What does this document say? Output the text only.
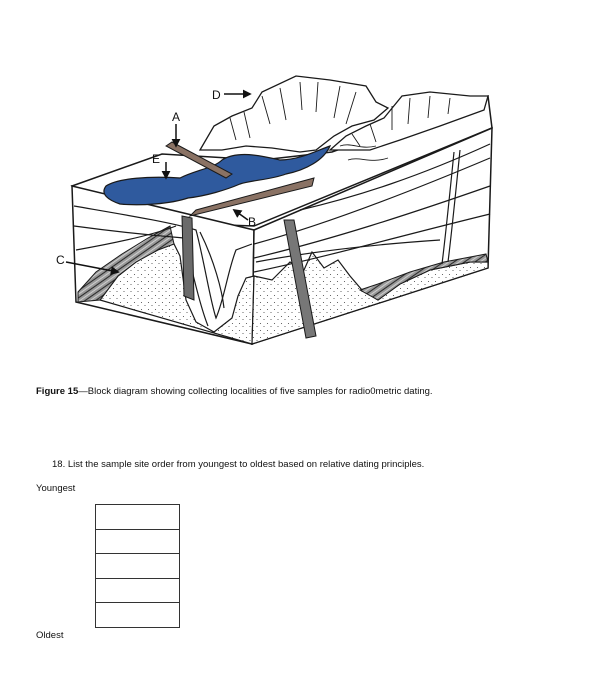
D
A
E
B
C
Figure 15—Block diagram showing collecting localities of five samples for radio0metric dating.
18. List the sample site order from youngest to oldest based on relative dating principles.
Youngest

Oldest
